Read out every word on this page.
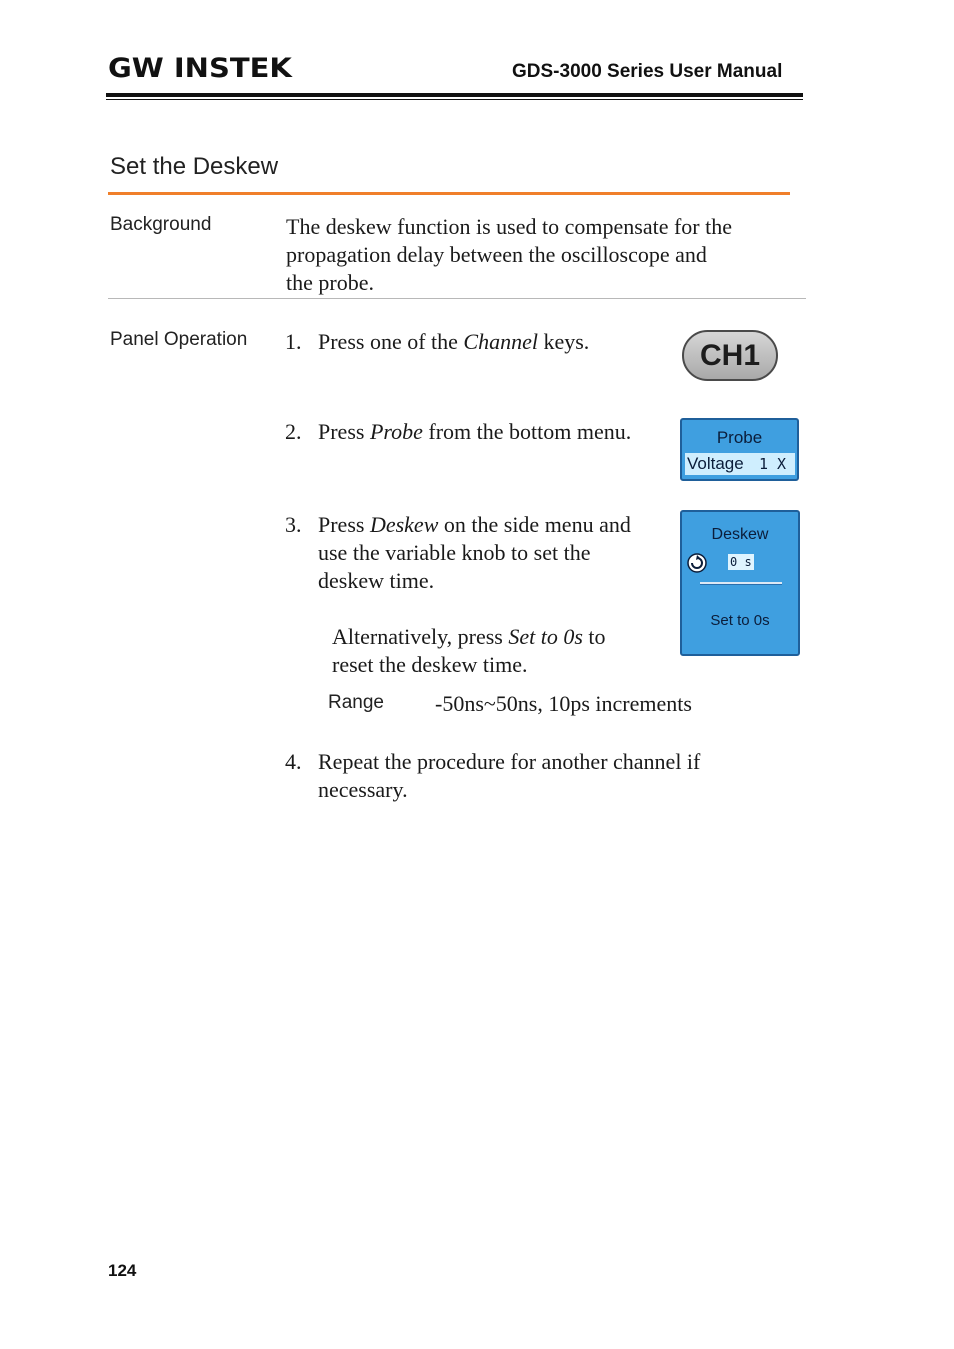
GW INSTEK	GDS-3000 Series User Manual
Set the Deskew
Background	The deskew function is used to compensate for the
propagation delay between the oscilloscope and
the probe.
Panel Operation 1. Press one of the Channel keys.	CH1
2. Press Probe from the bottom menu.	Probe
Voltage 1 X
3. Press Deskew on the side menu and
use the variable knob to set the
deskew time.
Alternatively, press Set to 0s to
reset the deskew time.
Deskew
0 s
Set to 0s
Range -50ns~50ns, 10ps increments
4. Repeat the procedure for another channel if
necessary.
124
